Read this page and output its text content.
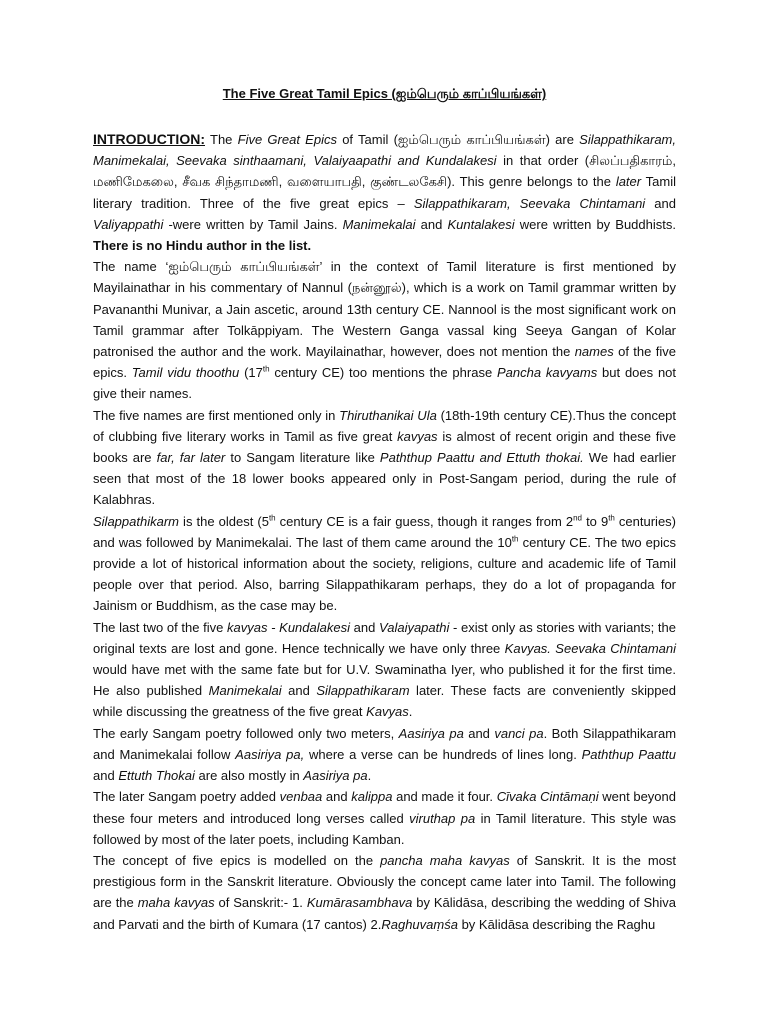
The Five Great Tamil Epics (ஐம்பெரும் காப்பியங்கள்)

INTRODUCTION: The Five Great Epics of Tamil (ஐம்பெரும் காப்பியங்கள்) are Silappathikaram, Manimekalai, Seevaka sinthaamani, Valaiyaapathi and Kundalakesi in that order (சிலப்பதிகாரம், மணிமேகலை, சீவக சிந்தாமணி, வளையாபதி, குண்டலகேசி). This genre belongs to the later Tamil literary tradition. Three of the five great epics – Silappathikaram, Seevaka Chintamani and Valiyappathi -were written by Tamil Jains. Manimekalai and Kuntalakesi were written by Buddhists. There is no Hindu author in the list.

The name ‘ஐம்பெரும் காப்பியங்கள்’ in the context of Tamil literature is first mentioned by Mayilainathar in his commentary of Nannul (நன்னூல்), which is a work on Tamil grammar written by Pavananthi Munivar, a Jain ascetic, around 13th century CE. Nannool is the most significant work on Tamil grammar after Tolkāppiyam. The Western Ganga vassal king Seeya Gangan of Kolar patronised the author and the work. Mayilainathar, however, does not mention the names of the five epics. Tamil vidu thoothu (17th century CE) too mentions the phrase Pancha kavyams but does not give their names.

The five names are first mentioned only in Thiruthanikai Ula (18th-19th century CE).Thus the concept of clubbing five literary works in Tamil as five great kavyas is almost of recent origin and these five books are far, far later to Sangam literature like Paththup Paattu and Ettuth thokai. We had earlier seen that most of the 18 lower books appeared only in Post-Sangam period, during the rule of Kalabhras.

Silappathikarm is the oldest (5th century CE is a fair guess, though it ranges from 2nd to 9th centuries) and was followed by Manimekalai. The last of them came around the 10th century CE. The two epics provide a lot of historical information about the society, religions, culture and academic life of Tamil people over that period. Also, barring Silappathikaram perhaps, they do a lot of propaganda for Jainism or Buddhism, as the case may be.

The last two of the five kavyas - Kundalakesi and Valaiyapathi - exist only as stories with variants; the original texts are lost and gone. Hence technically we have only three Kavyas. Seevaka Chintamani would have met with the same fate but for U.V. Swaminatha Iyer, who published it for the first time. He also published Manimekalai and Silappathikaram later. These facts are conveniently skipped while discussing the greatness of the five great Kavyas.

The early Sangam poetry followed only two meters, Aasiriya pa and vanci pa. Both Silappathikaram and Manimekalai follow Aasiriya pa, where a verse can be hundreds of lines long. Paththup Paattu and Ettuth Thokai are also mostly in Aasiriya pa.

The later Sangam poetry added venbaa and kalippa and made it four. Cīvaka Cintāmaṇi went beyond these four meters and introduced long verses called viruthap pa in Tamil literature. This style was followed by most of the later poets, including Kamban.

The concept of five epics is modelled on the pancha maha kavyas of Sanskrit. It is the most prestigious form in the Sanskrit literature. Obviously the concept came later into Tamil. The following are the maha kavyas of Sanskrit:- 1. Kumārasambhava by Kālidāsa, describing the wedding of Shiva and Parvati and the birth of Kumara (17 cantos) 2.Raghuvaṃśa by Kālidāsa describing the Raghu
